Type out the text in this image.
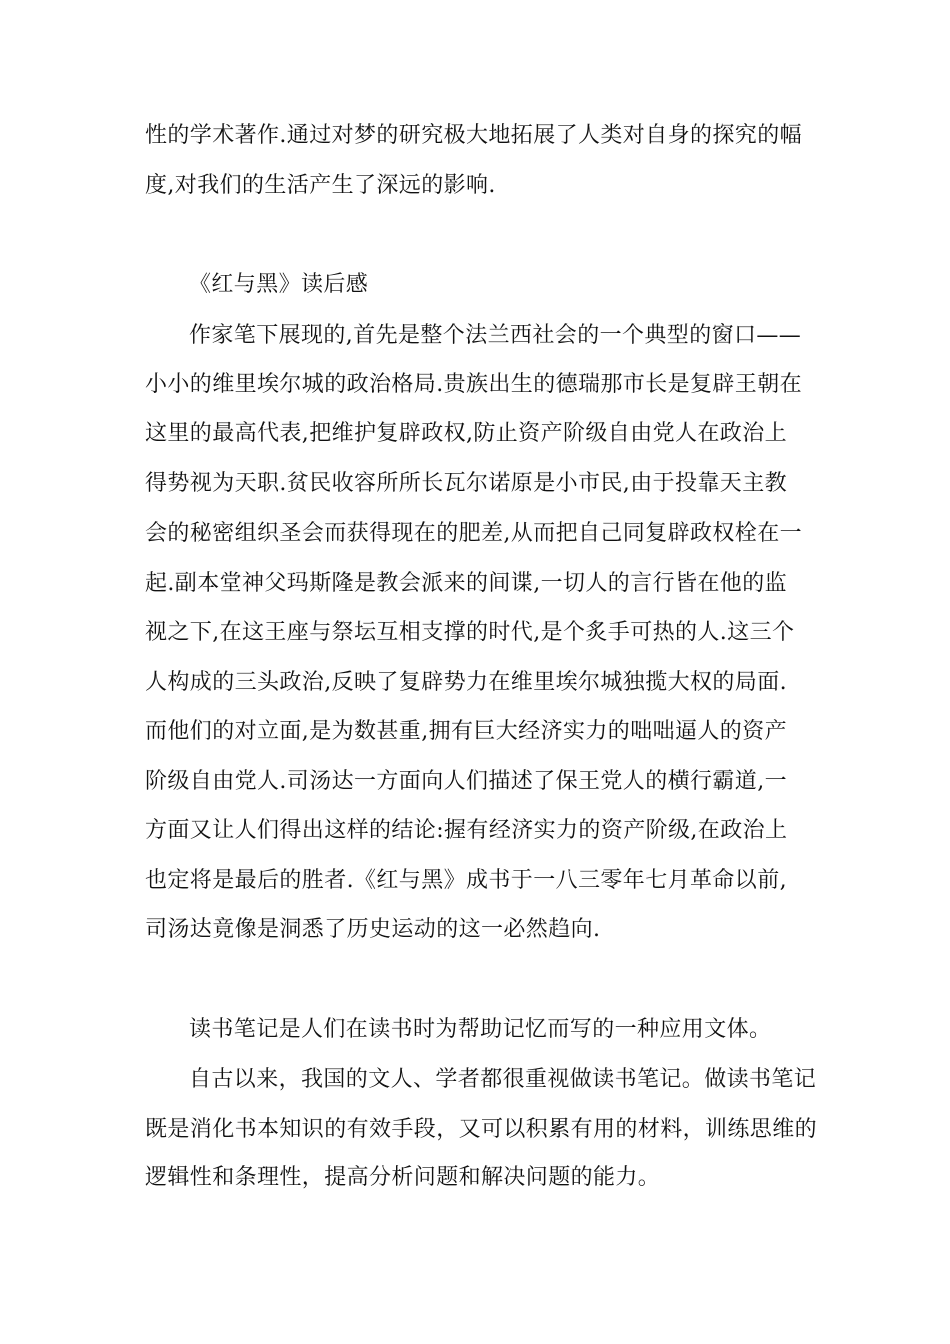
性的学术著作.通过对梦的研究极大地拓展了人类对自身的探究的幅
度,对我们的生活产生了深远的影响.
《红与黑》读后感
作家笔下展现的,首先是整个法兰西社会的一个典型的窗口——
小小的维里埃尔城的政治格局.贵族出生的德瑞那市长是复辟王朝在
这里的最高代表,把维护复辟政权,防止资产阶级自由党人在政治上
得势视为天职.贫民收容所所长瓦尔诺原是小市民,由于投靠天主教
会的秘密组织圣会而获得现在的肥差,从而把自己同复辟政权栓在一
起.副本堂神父玛斯隆是教会派来的间谍,一切人的言行皆在他的监
视之下,在这王座与祭坛互相支撑的时代,是个炙手可热的人.这三个
人构成的三头政治,反映了复辟势力在维里埃尔城独揽大权的局面.
而他们的对立面,是为数甚重,拥有巨大经济实力的咄咄逼人的资产
阶级自由党人.司汤达一方面向人们描述了保王党人的横行霸道,一
方面又让人们得出这样的结论:握有经济实力的资产阶级,在政治上
也定将是最后的胜者.《红与黑》成书于一八三零年七月革命以前,
司汤达竟像是洞悉了历史运动的这一必然趋向.
读书笔记是人们在读书时为帮助记忆而写的一种应用文体。
自古以来，我国的文人、学者都很重视做读书笔记。做读书笔记
既是消化书本知识的有效手段，又可以积累有用的材料，训练思维的
逻辑性和条理性，提高分析问题和解决问题的能力。
